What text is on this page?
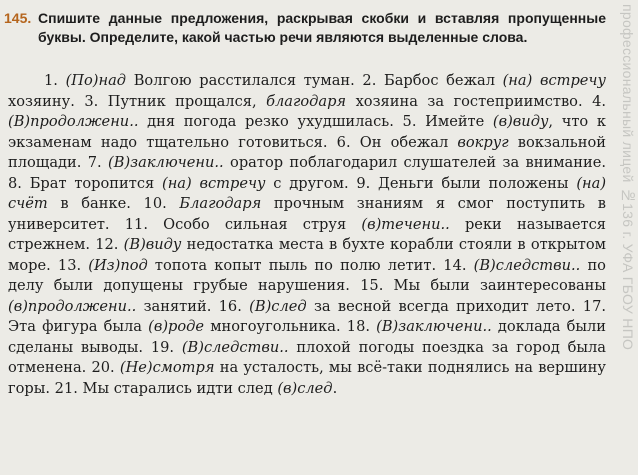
145. Спишите данные предложения, раскрывая скобки и вставляя пропущенные буквы. Определите, какой частью речи являются выделенные слова.
1. (По)над Волгою расстилался туман. 2. Барбос бежал (на) встречу хозяину. 3. Путник прощался, благодаря хозяина за гостеприимство. 4. (В)продолжени.. дня погода резко ухудшилась. 5. Имейте (в)виду, что к экзаменам надо тщательно готовиться. 6. Он обежал вокруг вокзальной площади. 7. (В)заключени.. оратор поблагодарил слушателей за внимание. 8. Брат торопится (на) встречу с другом. 9. Деньги были положены (на) счёт в банке. 10. Благодаря прочным знаниям я смог поступить в университет. 11. Особо сильная струя (в)течени.. реки называется стрежнем. 12. (В)виду недостатка места в бухте корабли стояли в открытом море. 13. (Из)под топота копыт пыль по полю летит. 14. (В)следстви.. по делу были допущены грубые нарушения. 15. Мы были заинтересованы (в)продолжени.. занятий. 16. (В)след за весной всегда приходит лето. 17. Эта фигура была (в)роде многоугольника. 18. (В)заключени.. доклада были сделаны выводы. 19. (В)следстви.. плохой погоды поездка за город была отменена. 20. (Не)смотря на усталость, мы всё-таки поднялись на вершину горы. 21. Мы старались идти след (в)след.
профессиональный лицей №136 г. УФА ГБОУ НПО
